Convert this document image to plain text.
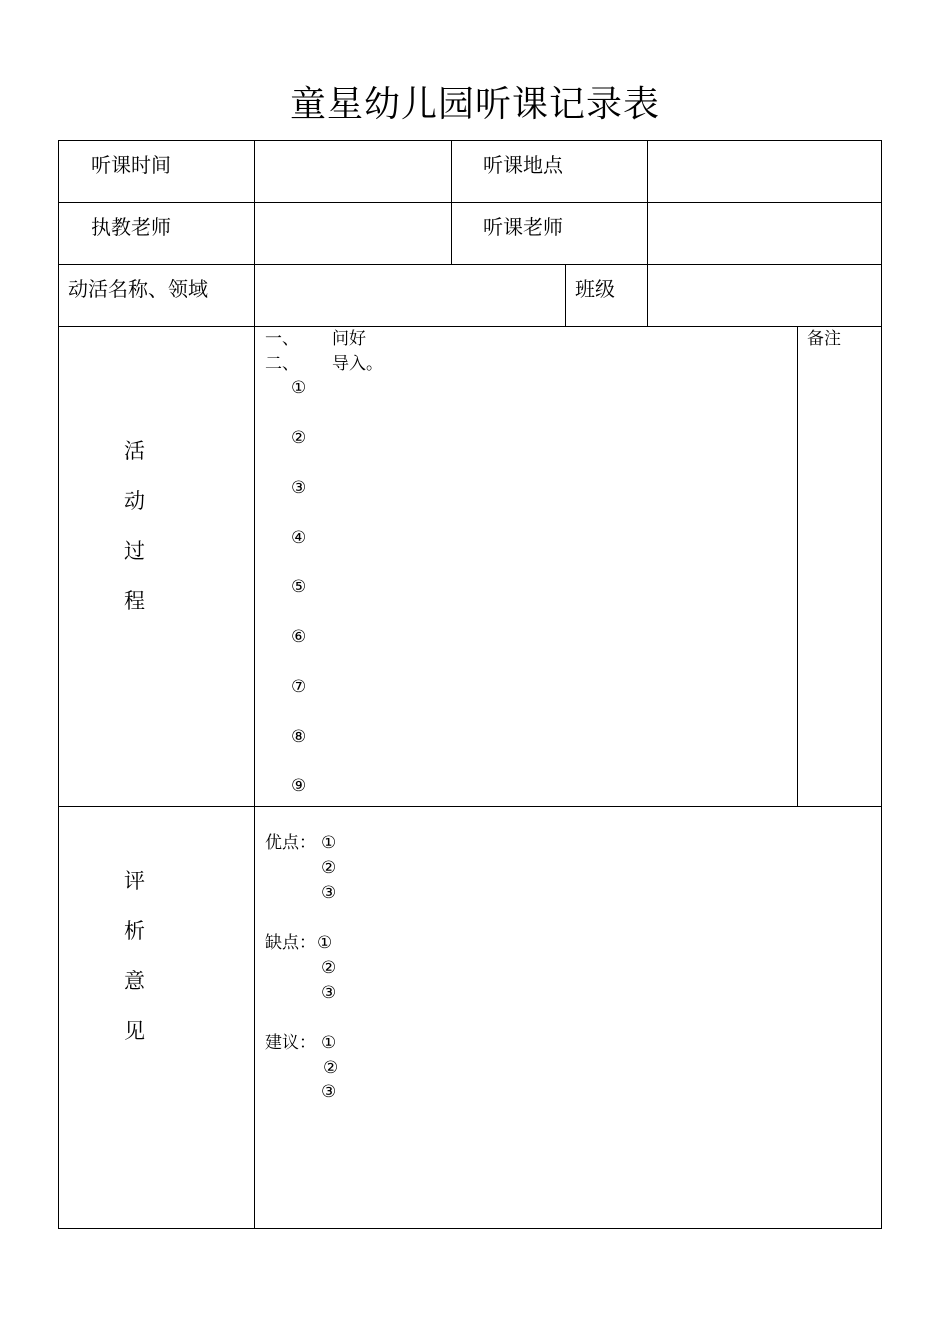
童星幼儿园听课记录表
听课时间	听课地点
执教老师	听课老师
动活名称、领域	班级
活
动
过
程
一、 问好
二、 导入。
①
②
③
④
⑤
⑥
⑦
⑧
⑨
备注
评
析
意
见
优点： ①
②
③
缺点： ①
②
③
建议： ①
②
③
